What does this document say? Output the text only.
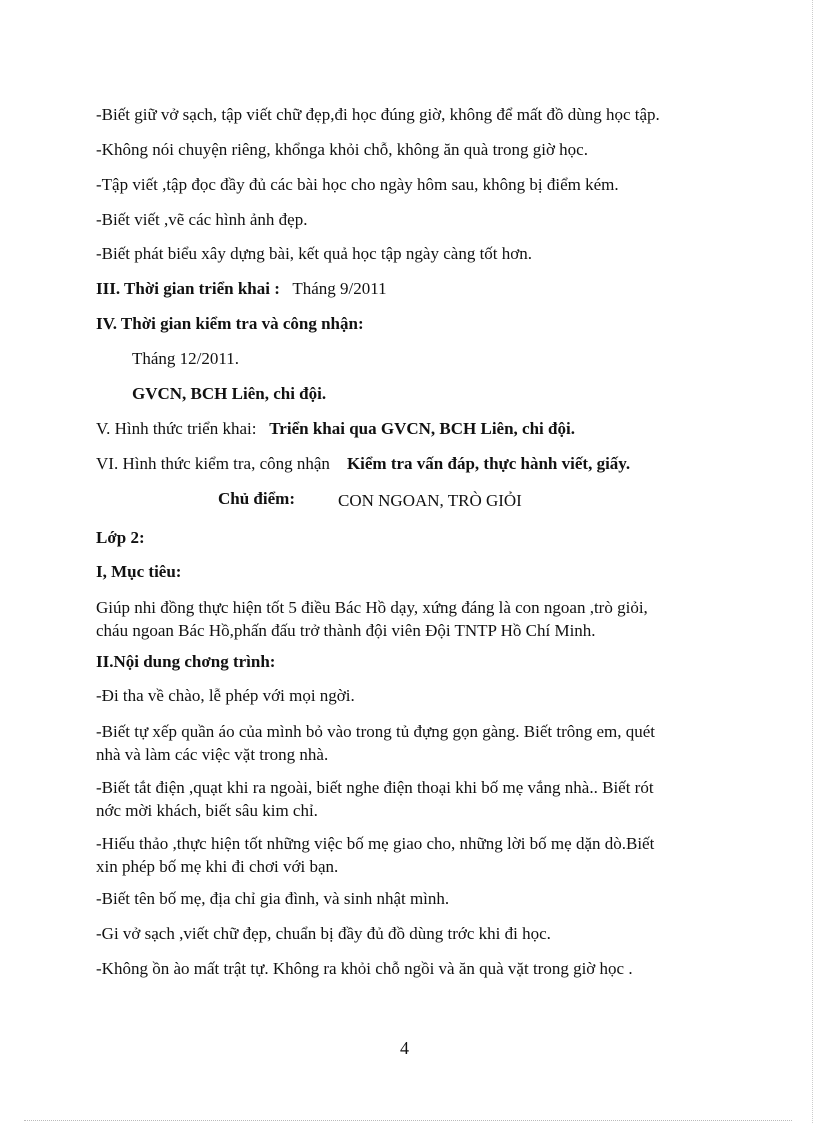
-Biết giữ vở sạch, tập viết chữ đẹp,đi học đúng giờ, không để mất đồ dùng học tập.
-Không nói chuyện riêng, khổnga khỏi chỗ, không ăn quà trong giờ học.
-Tập viết ,tập đọc đầy đủ các bài học cho ngày hôm sau, không bị điểm kém.
-Biết viết ,vẽ các hình ảnh đẹp.
-Biết phát biểu xây dựng bài, kết quả học tập ngày càng tốt hơn.
III. Thời gian triển khai : Tháng 9/2011
IV. Thời gian kiểm tra và công nhận:
Tháng 12/2011.
GVCN, BCH Liên, chi đội.
V. Hình thức triển khai: Triển khai qua GVCN, BCH Liên, chi đội.
VI. Hình thức kiểm tra, công nhận Kiểm tra vấn đáp, thực hành viết, giấy.
Chủ điểm:	CON NGOAN, TRÒ GIỎI
Lớp 2:
I, Mục tiêu:
Giúp nhi đồng thực hiện tốt 5 điều Bác Hồ dạy, xứng đáng là con ngoan ,trò giỏi,
cháu ngoan Bác Hồ,phấn đấu trở thành đội viên Đội TNTP Hồ Chí Minh.
II.Nội dung chơng trình:
-Đi tha về chào, lễ phép với mọi ngời.
-Biết tự xếp quần áo của mình bỏ vào trong tủ đựng gọn gàng. Biết trông em, quét
nhà và làm các việc vặt trong nhà.
-Biết tắt điện ,quạt khi ra ngoài, biết nghe điện thoại khi bố mẹ vắng nhà.. Biết rót
nớc mời khách, biết sâu kim chỉ.
-Hiếu thảo ,thực hiện tốt những việc bố mẹ giao cho, những lời bố mẹ dặn dò.Biết
xin phép bố mẹ khi đi chơi với bạn.
-Biết tên bố mẹ, địa chỉ gia đình, và sinh nhật mình.
-Gi vở sạch ,viết chữ đẹp, chuẩn bị đầy đủ đồ dùng trớc khi đi học.
-Không ồn ào mất trật tự. Không ra khỏi chỗ ngồi và ăn quà vặt trong giờ học .
4
